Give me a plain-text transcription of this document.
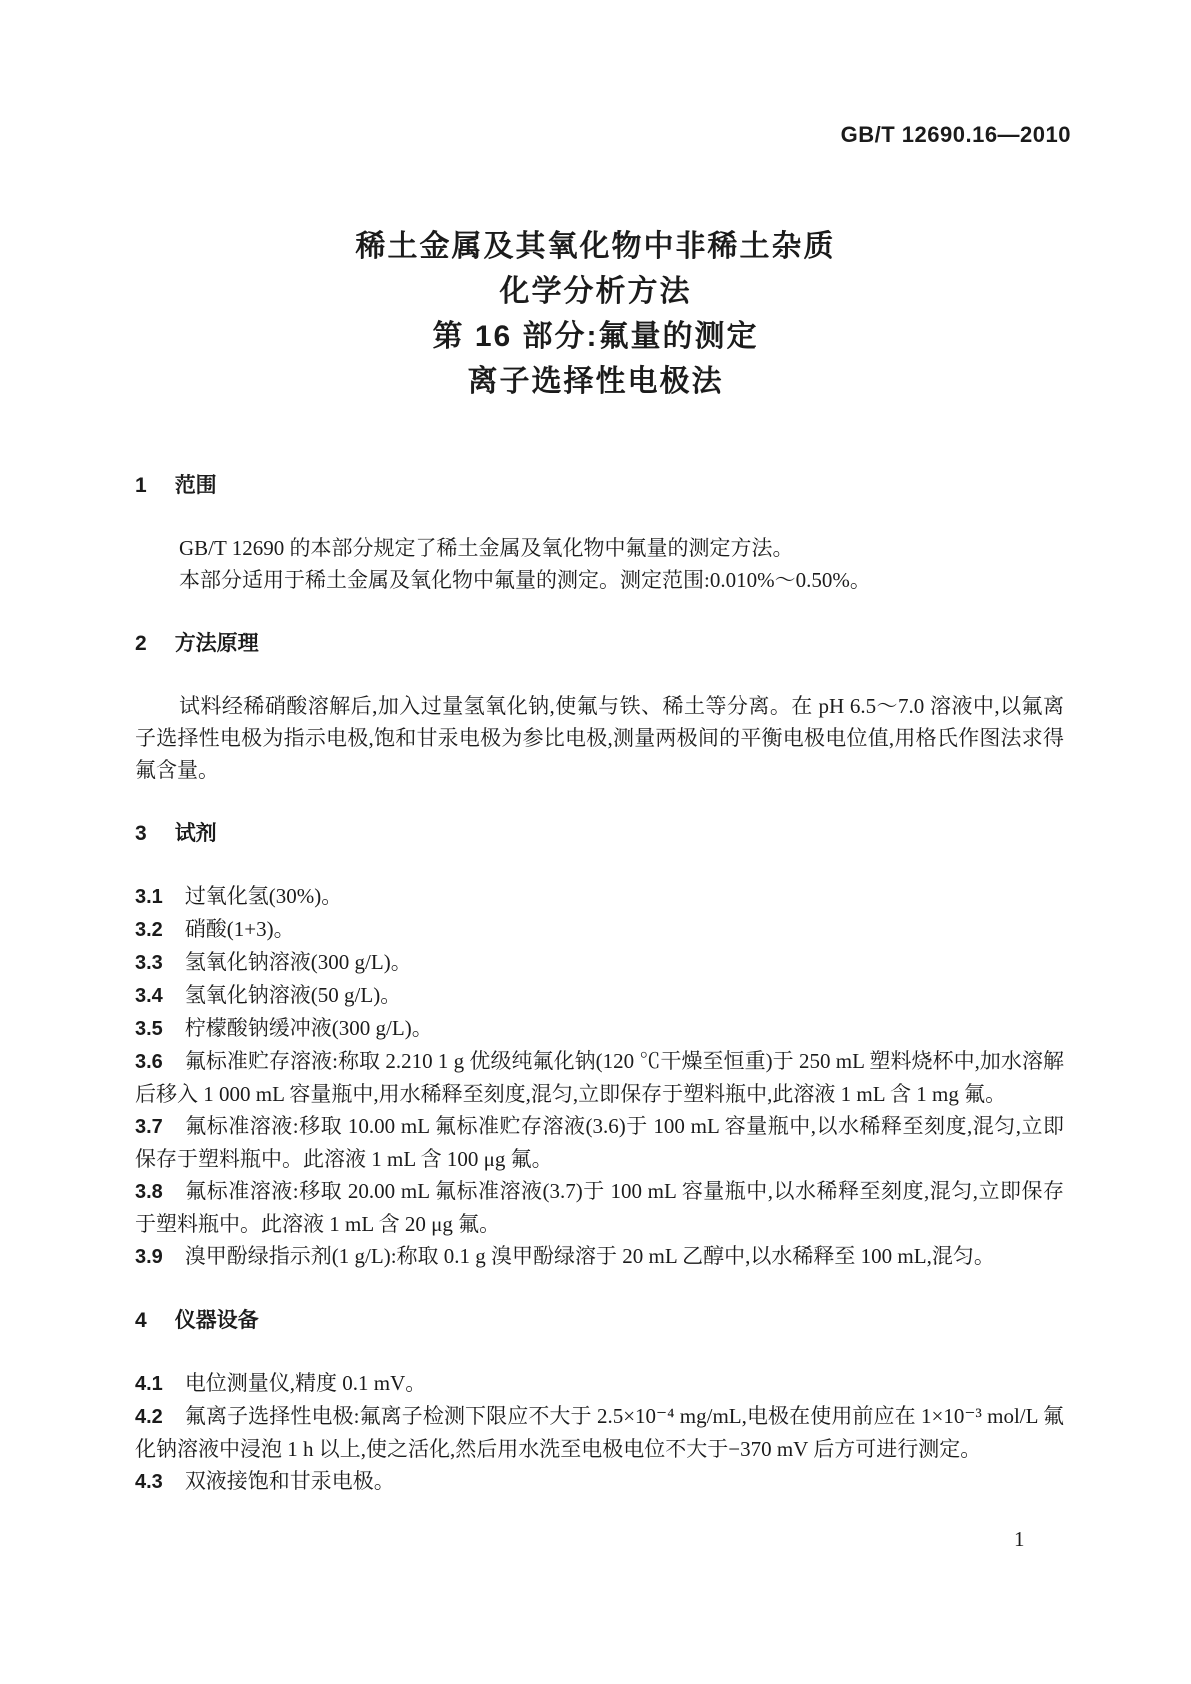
GB/T 12690.16—2010
稀土金属及其氧化物中非稀土杂质
化学分析方法
第 16 部分:氟量的测定
离子选择性电极法
1 范围

GB/T 12690 的本部分规定了稀土金属及氧化物中氟量的测定方法。

本部分适用于稀土金属及氧化物中氟量的测定。测定范围:0.010%～0.50%。

2 方法原理

试料经稀硝酸溶解后,加入过量氢氧化钠,使氟与铁、稀土等分离。在 pH 6.5～7.0 溶液中,以氟离子选择性电极为指示电极,饱和甘汞电极为参比电极,测量两极间的平衡电极电位值,用格氏作图法求得氟含量。

3 试剂

3.1 过氧化氢(30%)。

3.2 硝酸(1+3)。

3.3 氢氧化钠溶液(300 g/L)。

3.4 氢氧化钠溶液(50 g/L)。

3.5 柠檬酸钠缓冲液(300 g/L)。

3.6 氟标准贮存溶液:称取 2.210 1 g 优级纯氟化钠(120 ℃干燥至恒重)于 250 mL 塑料烧杯中,加水溶解后移入 1 000 mL 容量瓶中,用水稀释至刻度,混匀,立即保存于塑料瓶中,此溶液 1 mL 含 1 mg 氟。

3.7 氟标准溶液:移取 10.00 mL 氟标准贮存溶液(3.6)于 100 mL 容量瓶中,以水稀释至刻度,混匀,立即保存于塑料瓶中。此溶液 1 mL 含 100 μg 氟。

3.8 氟标准溶液:移取 20.00 mL 氟标准溶液(3.7)于 100 mL 容量瓶中,以水稀释至刻度,混匀,立即保存于塑料瓶中。此溶液 1 mL 含 20 μg 氟。

3.9 溴甲酚绿指示剂(1 g/L):称取 0.1 g 溴甲酚绿溶于 20 mL 乙醇中,以水稀释至 100 mL,混匀。

4 仪器设备

4.1 电位测量仪,精度 0.1 mV。

4.2 氟离子选择性电极:氟离子检测下限应不大于 2.5×10⁻⁴ mg/mL,电极在使用前应在 1×10⁻³ mol/L 氟化钠溶液中浸泡 1 h 以上,使之活化,然后用水洗至电极电位不大于−370 mV 后方可进行测定。

4.3 双液接饱和甘汞电极。

1
